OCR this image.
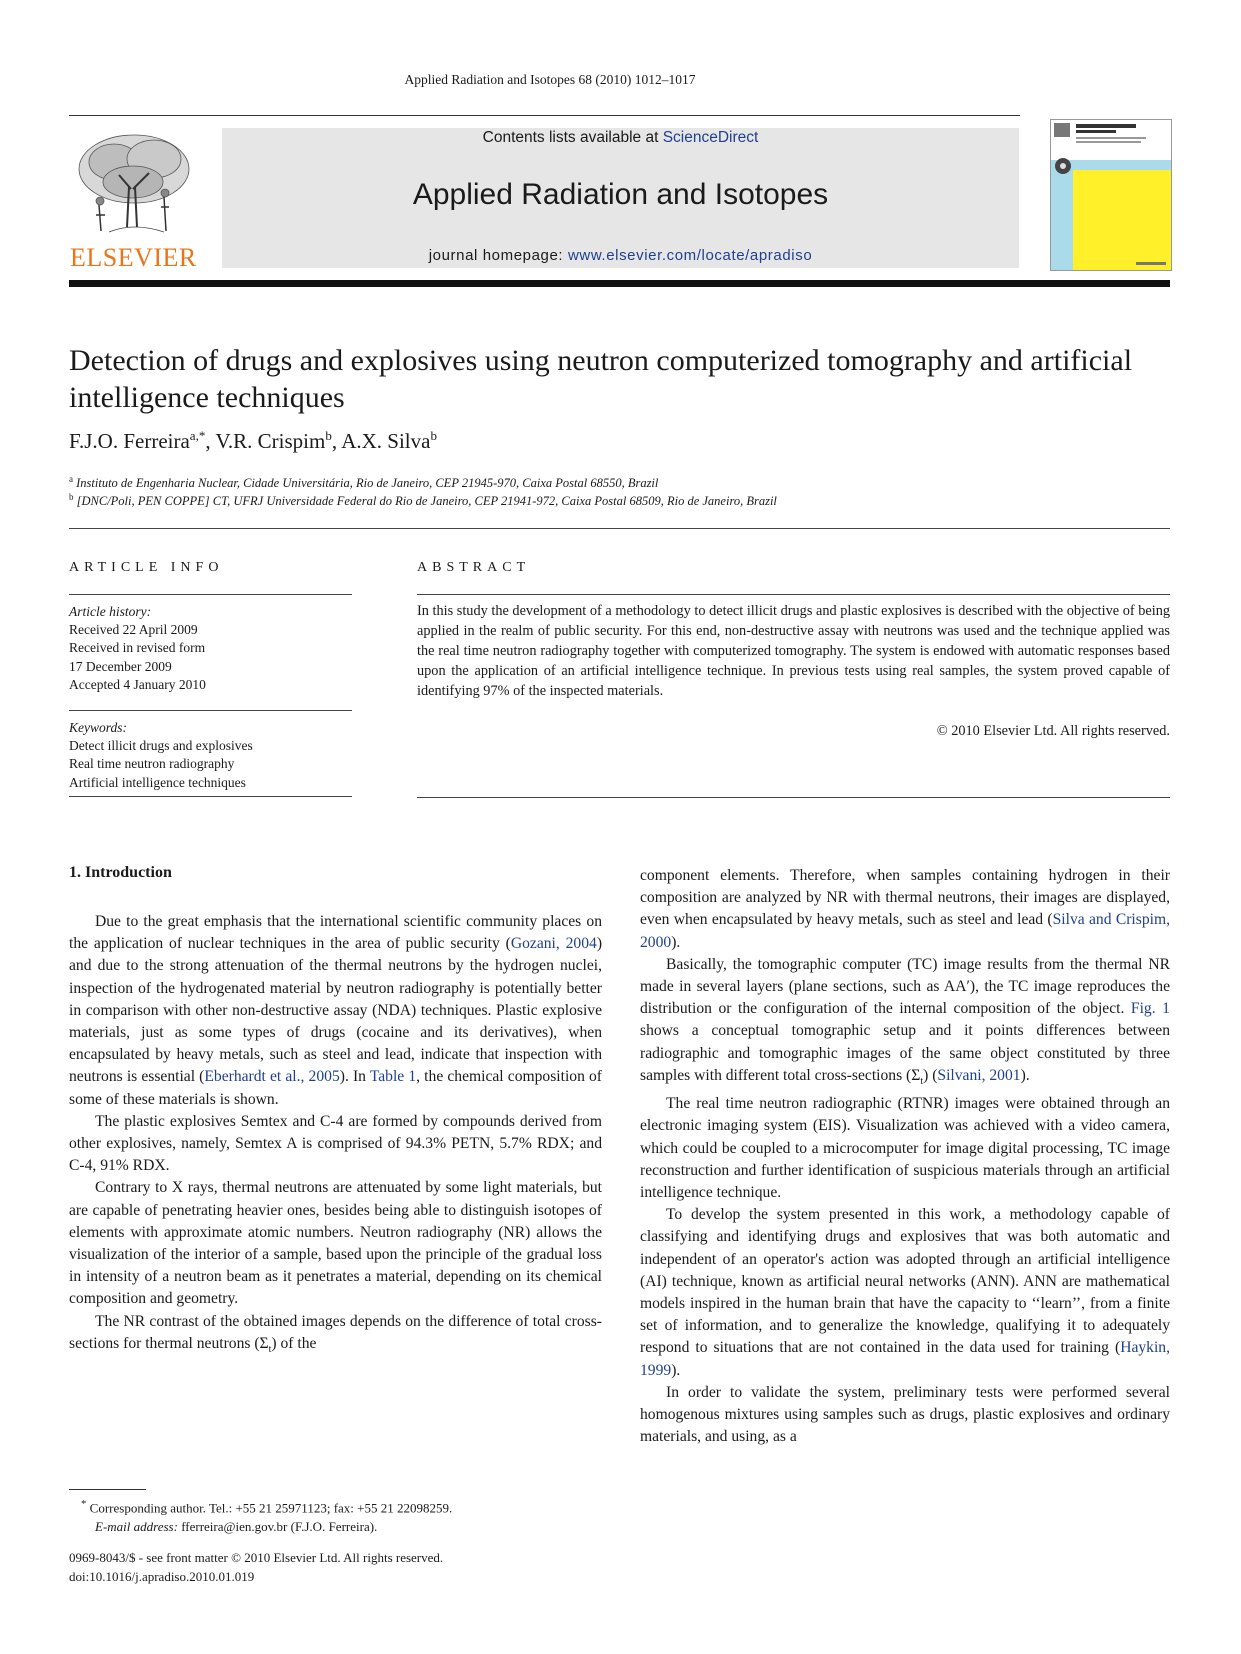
Applied Radiation and Isotopes 68 (2010) 1012–1017
ELSEVIER
Contents lists available at ScienceDirect
Applied Radiation and Isotopes
journal homepage: www.elsevier.com/locate/apradiso
Detection of drugs and explosives using neutron computerized tomography and artificial intelligence techniques
F.J.O. Ferreira$^{a,*}$, V.R. Crispim$^b$, A.X. Silva$^b$
$^a$ Instituto de Engenharia Nuclear, Cidade Universitária, Rio de Janeiro, CEP 21945-970, Caixa Postal 68550, Brazil
$^b$ [DNC/Poli, PEN COPPE] CT, UFRJ Universidade Federal do Rio de Janeiro, CEP 21941-972, Caixa Postal 68509, Rio de Janeiro, Brazil
ARTICLE INFO
Article history:
Received 22 April 2009
Received in revised form
17 December 2009
Accepted 4 January 2010
Keywords:
Detect illicit drugs and explosives
Real time neutron radiography
Artificial intelligence techniques
ABSTRACT
In this study the development of a methodology to detect illicit drugs and plastic explosives is described with the objective of being applied in the realm of public security. For this end, non-destructive assay with neutrons was used and the technique applied was the real time neutron radiography together with computerized tomography. The system is endowed with automatic responses based upon the application of an artificial intelligence technique. In previous tests using real samples, the system proved capable of identifying 97% of the inspected materials.
© 2010 Elsevier Ltd. All rights reserved.
1. Introduction

Due to the great emphasis that the international scientific community places on the application of nuclear techniques in the area of public security (Gozani, 2004) and due to the strong attenuation of the thermal neutrons by the hydrogen nuclei, inspection of the hydrogenated material by neutron radiography is potentially better in comparison with other non-destructive assay (NDA) techniques. Plastic explosive materials, just as some types of drugs (cocaine and its derivatives), when encapsulated by heavy metals, such as steel and lead, indicate that inspection with neutrons is essential (Eberhardt et al., 2005). In Table 1, the chemical composition of some of these materials is shown.

The plastic explosives Semtex and C-4 are formed by compounds derived from other explosives, namely, Semtex A is comprised of 94.3% PETN, 5.7% RDX; and C-4, 91% RDX.

Contrary to X rays, thermal neutrons are attenuated by some light materials, but are capable of penetrating heavier ones, besides being able to distinguish isotopes of elements with approximate atomic numbers. Neutron radiography (NR) allows the visualization of the interior of a sample, based upon the principle of the gradual loss in intensity of a neutron beam as it penetrates a material, depending on its chemical composition and geometry.

The NR contrast of the obtained images depends on the difference of total cross-sections for thermal neutrons $(\Sigma_t)$ of the

component elements. Therefore, when samples containing hydrogen in their composition are analyzed by NR with thermal neutrons, their images are displayed, even when encapsulated by heavy metals, such as steel and lead (Silva and Crispim, 2000).

Basically, the tomographic computer (TC) image results from the thermal NR made in several layers (plane sections, such as AA′), the TC image reproduces the distribution or the configuration of the internal composition of the object. Fig. 1 shows a conceptual tomographic setup and it points differences between radiographic and tomographic images of the same object constituted by three samples with different total cross-sections $(\Sigma_t)$ (Silvani, 2001).

The real time neutron radiographic (RTNR) images were obtained through an electronic imaging system (EIS). Visualization was achieved with a video camera, which could be coupled to a microcomputer for image digital processing, TC image reconstruction and further identification of suspicious materials through an artificial intelligence technique.

To develop the system presented in this work, a methodology capable of classifying and identifying drugs and explosives that was both automatic and independent of an operator's action was adopted through an artificial intelligence (AI) technique, known as artificial neural networks (ANN). ANN are mathematical models inspired in the human brain that have the capacity to ‘‘learn’’, from a finite set of information, and to generalize the knowledge, qualifying it to adequately respond to situations that are not contained in the data used for training (Haykin, 1999).

In order to validate the system, preliminary tests were performed several homogenous mixtures using samples such as drugs, plastic explosives and ordinary materials, and using, as a

* Corresponding author. Tel.: +55 21 25971123; fax: +55 21 22098259.
E-mail address: fferreira@ien.gov.br (F.J.O. Ferreira).
0969-8043/$ - see front matter © 2010 Elsevier Ltd. All rights reserved.
doi:10.1016/j.apradiso.2010.01.019
